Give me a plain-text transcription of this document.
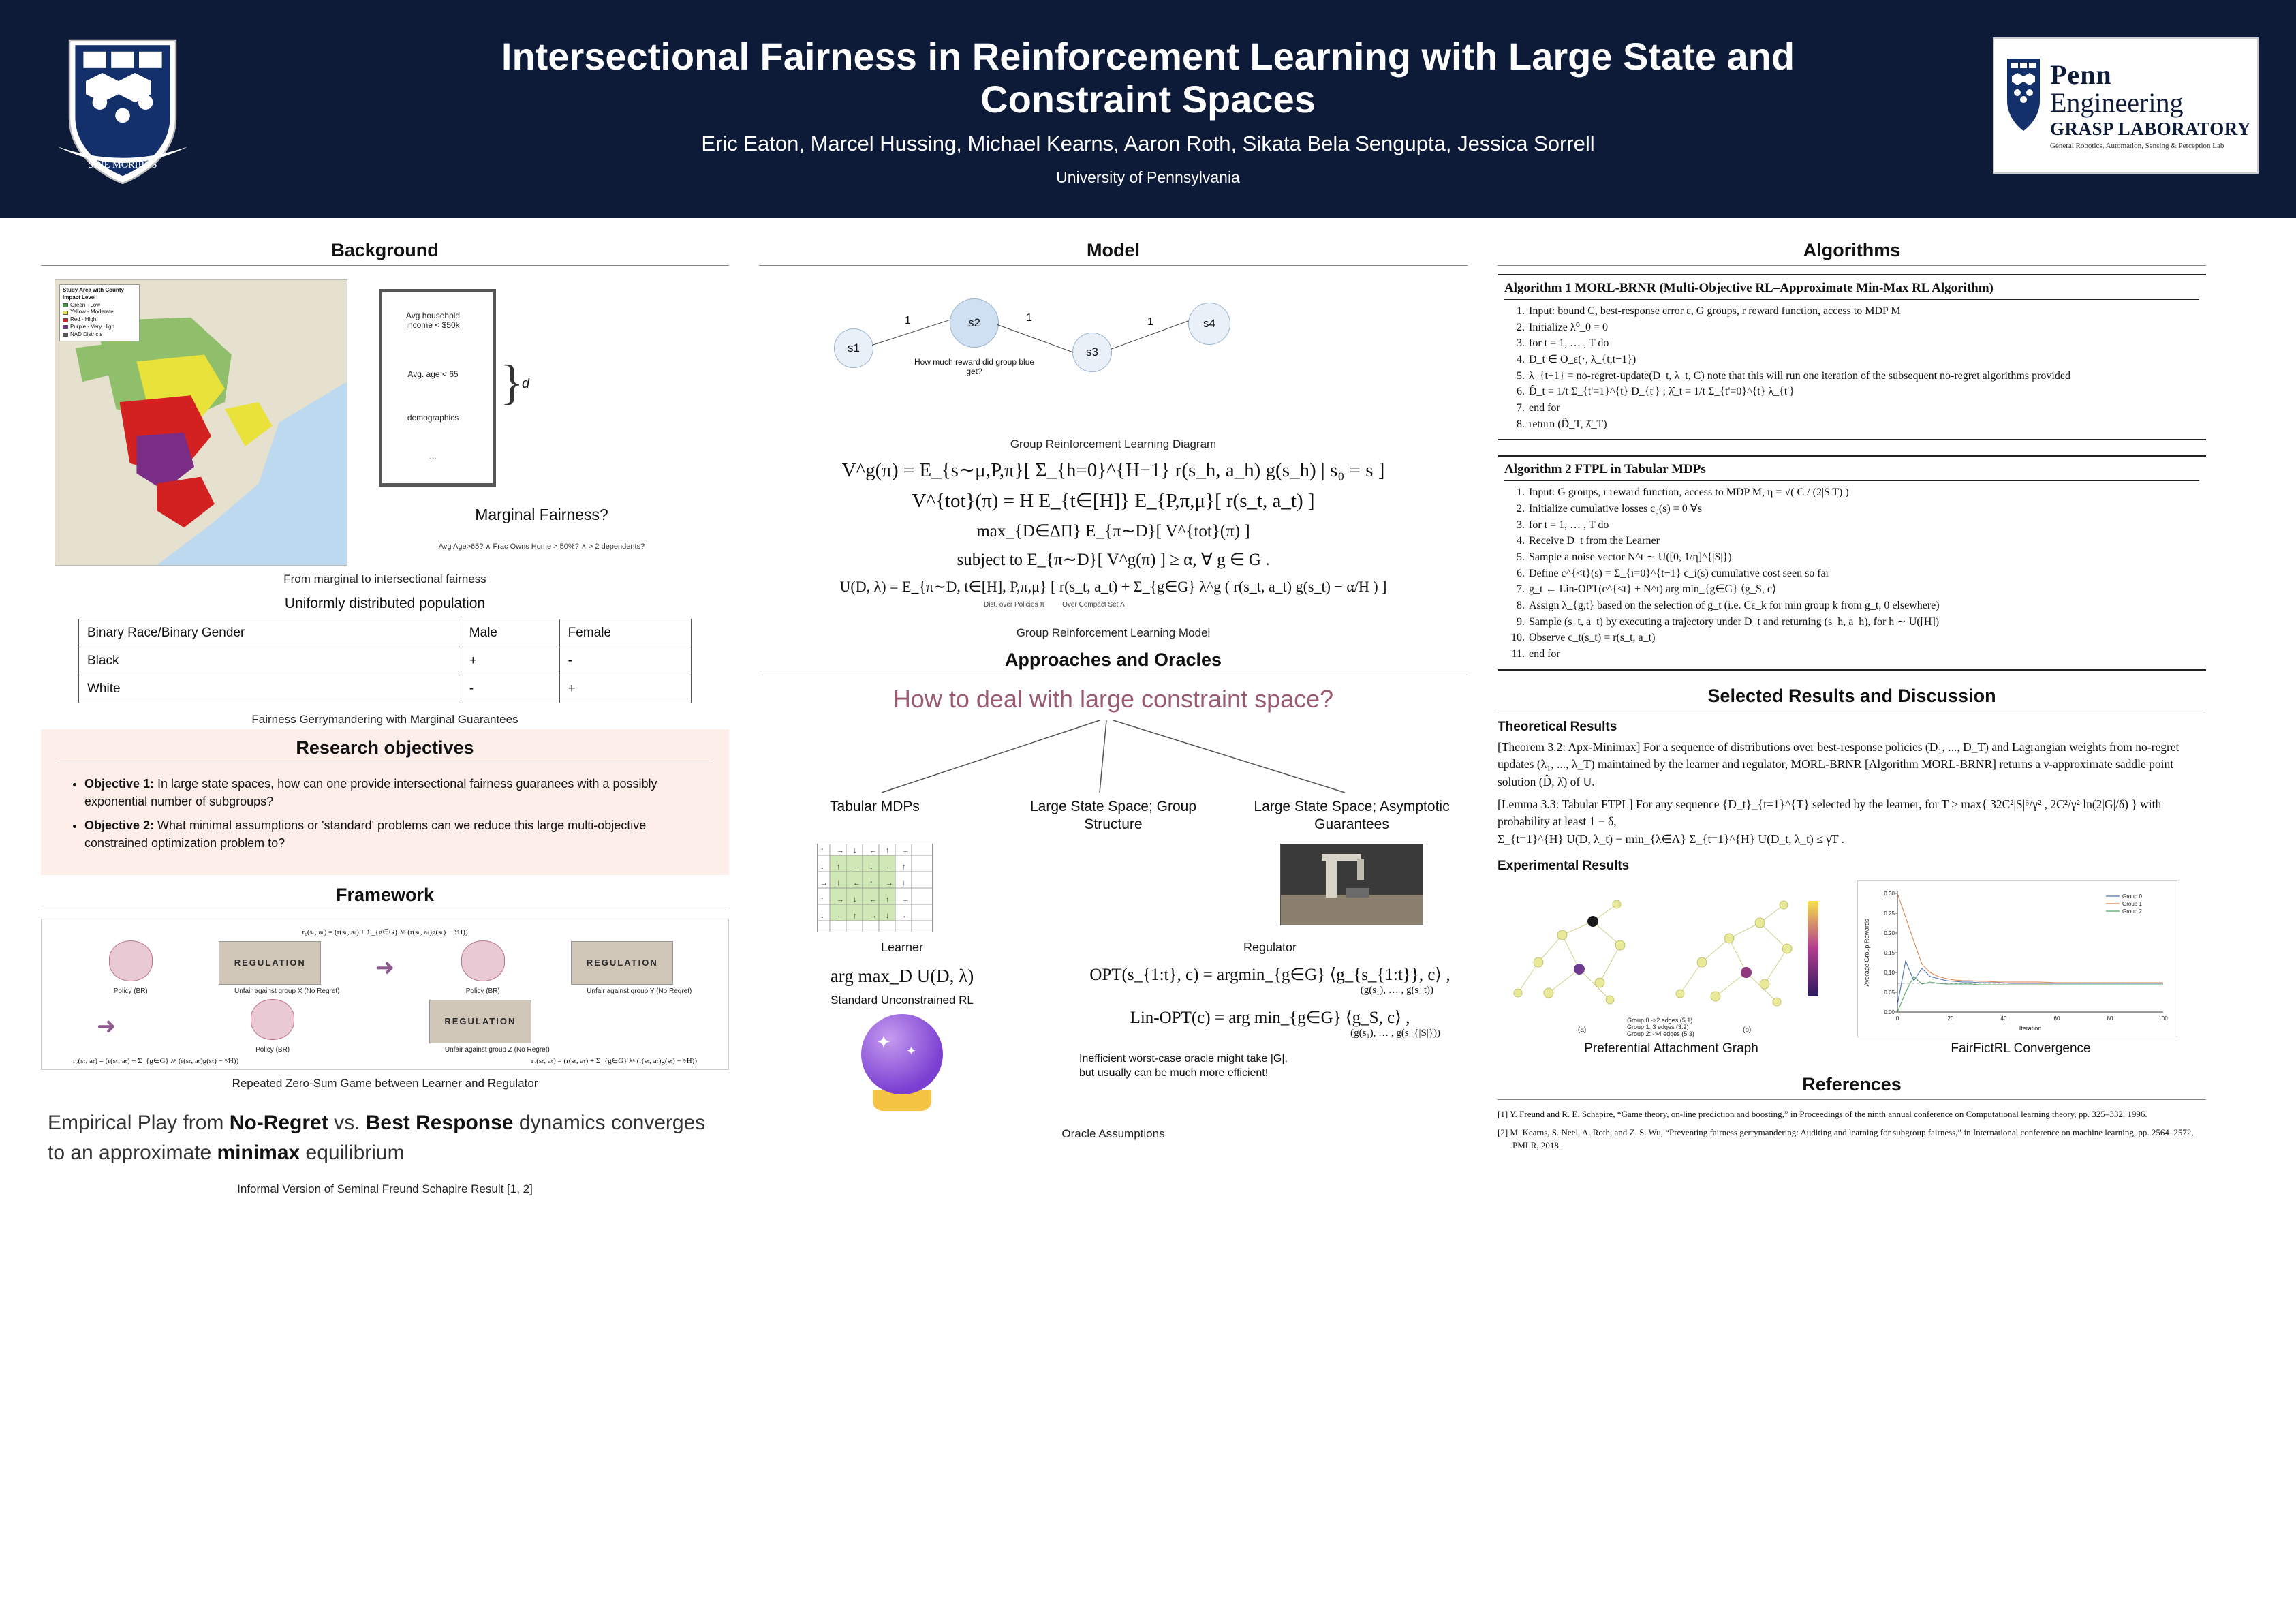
SINE MORIBUS
Intersectional Fairness in Reinforcement Learning with Large State and Constraint Spaces
Eric Eaton, Marcel Hussing, Michael Kearns, Aaron Roth, Sikata Bela Sengupta, Jessica Sorrell
University of Pennsylvania
Penn
Engineering
GRASP LABORATORY
General Robotics, Automation, Sensing & Perception Lab
Background
Study Area with County Impact Level
Green - Low
Yellow - Moderate
Red - High
Purple - Very High
NAD Districts
Avg household income < $50k
Avg. age < 65
demographics
...
}
d
Marginal Fairness?
Avg Age>65? ∧ Frac Owns Home > 50%? ∧ > 2 dependents?
From marginal to intersectional fairness
Uniformly distributed population
Binary Race/Binary Gender	Male	Female
Black	+	-
White	-	+
Fairness Gerrymandering with Marginal Guarantees
Research objectives
• Objective 1: In large state spaces, how can one provide intersectional fairness guaranees with a possibly exponential number of subgroups?
• Objective 2: What minimal assumptions or 'standard' problems can we reduce this large multi-objective constrained optimization problem to?
Framework
r₁(sₜ, aₜ) = (r(sₜ, aₜ) + Σ_{g∈G} λᵍ (r(sₜ, aₜ)g(sₜ) − ᵅ⁄H))
Policy (BR)
REGULATION
Unfair against group X (No Regret)
➜
Policy (BR)
REGULATION
Unfair against group Y (No Regret)
➜
Policy (BR)
REGULATION
Unfair against group Z (No Regret)
r₂(sₜ, aₜ) = (r(sₜ, aₜ) + Σ_{g∈G} λᵍ (r(sₜ, aₜ)g(sₜ) − ᵅ⁄H))	r₃(sₜ, aₜ) = (r(sₜ, aₜ) + Σ_{g∈G} λᵍ (r(sₜ, aₜ)g(sₜ) − ᵅ⁄H))
Repeated Zero-Sum Game between Learner and Regulator
Empirical Play from No-Regret vs. Best Response dynamics converges to an approximate minimax equilibrium
Informal Version of Seminal Freund Schapire Result [1, 2]
Model
s1
s2
s3
s4
1	1	1
How much reward did group blue get?
Group Reinforcement Learning Diagram
V^g(π) = E_{s∼μ,P,π}[ Σ_{h=0}^{H−1} r(s_h, a_h) g(s_h) | s₀ = s ]
V^{tot}(π) = H E_{t∈[H]} E_{P,π,μ}[ r(s_t, a_t) ]
max_{D∈ΔΠ} E_{π∼D}[ V^{tot}(π) ]
subject to E_{π∼D}[ V^g(π) ] ≥ α, ∀ g ∈ G .
U(D, λ) = E_{π∼D, t∈[H], P,π,μ} [ r(s_t, a_t) + Σ_{g∈G} λ^g ( r(s_t, a_t) g(s_t) − α/H ) ]
Dist. over Policies π	Over Compact Set Λ
Group Reinforcement Learning Model
Approaches and Oracles
How to deal with large constraint space?
Tabular MDPs	Large State Space; Group Structure
Large State Space; Asymptotic Guarantees
↑ → ↓ ← ↑ →
↓ ↑ → ↓ ← ↑
→ ↓ ← ↑ → ↓
↑ → ↓ ← ↑ →
↓ ← ↑ → ↓ ←
Learner
arg max_D U(D, λ)
Standard Unconstrained RL
✦ ✦
Regulator
OPT(s_{1:t}, c) = argmin_{g∈G} ⟨g_{s_{1:t}}, c⟩ ,
(g(s₁), … , g(s_t))
Lin-OPT(c) = arg min_{g∈G} ⟨g_S, c⟩ ,
(g(s₁), … , g(s_{|S|}))
Inefficient worst-case oracle might take |G|, but usually can be much more efficient!
Oracle Assumptions
Algorithms
Algorithm 1 MORL-BRNR (Multi-Objective RL–Approximate Min-Max RL Algorithm)
1. Input: bound C, best-response error ε, G groups, r reward function, access to MDP M
2. Initialize λ⁰_0 = 0
3. for t = 1, … , T do
4. D_t ∈ O_ε(·, λ_{t,t−1})
5. λ_{t+1} = no-regret-update(D_t, λ_t, C) note that this will run one iteration of the subsequent no-regret algorithms provided
6. D̂_t = 1/t Σ_{t'=1}^{t} D_{t'} ; λ̂_t = 1/t Σ_{t'=0}^{t} λ_{t'}
7. end for
8. return (D̂_T, λ̂_T)
Algorithm 2 FTPL in Tabular MDPs
1. Input: G groups, r reward function, access to MDP M, η = √( C / (2|S|T) )
2. Initialize cumulative losses c₀(s) = 0 ∀s
3. for t = 1, … , T do
4. Receive D_t from the Learner
5. Sample a noise vector N^t ∼ U([0, 1/η]^{|S|})
6. Define c^{<t}(s) = Σ_{i=0}^{t−1} c_i(s) cumulative cost seen so far
7. g_t ← Lin-OPT(c^{<t} + N^t) arg min_{g∈G} ⟨g_S, c⟩
8. Assign λ_{g,t} based on the selection of g_t (i.e. Cε_k for min group k from g_t, 0 elsewhere)
9. Sample (s_t, a_t) by executing a trajectory under D_t and returning (s_h, a_h), for h ∼ U([H])
10. Observe c_t(s_t) = r(s_t, a_t)
11. end for
Selected Results and Discussion
Theoretical Results
[Theorem 3.2: Apx-Minimax] For a sequence of distributions over best-response policies (D₁, ..., D_T) and Lagrangian weights from no-regret updates (λ₁, ..., λ_T) maintained by the learner and regulator, MORL-BRNR [Algorithm MORL-BRNR] returns a ν-approximate saddle point solution (D̂, λ̂) of U.
[Lemma 3.3: Tabular FTPL] For any sequence {D_t}_{t=1}^{T} selected by the learner, for T ≥ max{ 32C²|S|⁶/γ² , 2C²/γ² ln(2|G|/δ) } with probability at least 1 − δ,
Σ_{t=1}^{H} U(D, λ_t) − min_{λ∈Λ} Σ_{t=1}^{H} U(D_t, λ_t) ≤ γT .
Experimental Results
Group 0 ->2 edges (5.1)
Group 1: 3 edges (3.2)
Group 2: ->4 edges (5.3)
(a)	(b)
Preferential Attachment Graph
0.00
0.05
0.10
0.15
0.20
0.25
0.30
0	20	40	60	80	100
Iteration
Average Group Rewards
Group 0
Group 1
Group 2
FairFictRL Convergence
References

[1] Y. Freund and R. E. Schapire, “Game theory, on-line prediction and boosting,” in Proceedings of the ninth annual conference on Computational learning theory, pp. 325–332, 1996.

[2] M. Kearns, S. Neel, A. Roth, and Z. S. Wu, “Preventing fairness gerrymandering: Auditing and learning for subgroup fairness,” in International conference on machine learning, pp. 2564–2572, PMLR, 2018.
